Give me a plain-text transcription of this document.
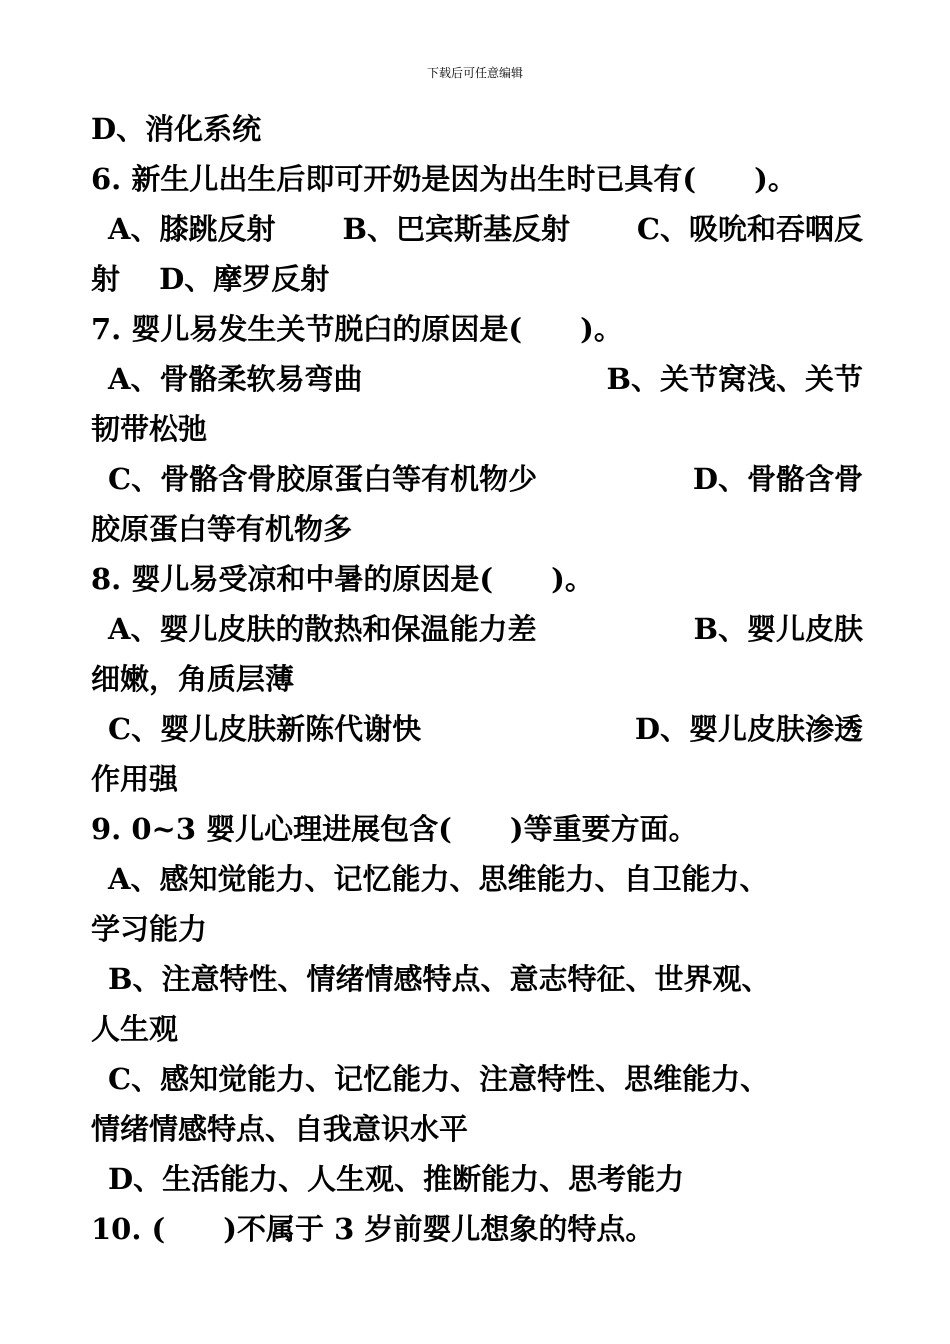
下载后可任意编辑
D、消化系统
6. 新生儿出生后即可开奶是因为出生时已具有(　　)。
A、膝跳反射 B、巴宾斯基反射 C、吸吮和吞咽反
射　 D、摩罗反射
7. 婴儿易发生关节脱臼的原因是(　　)。
A、骨骼柔软易弯曲	B、关节窝浅、关节
韧带松弛
C、骨骼含骨胶原蛋白等有机物少	D、骨骼含骨
胶原蛋白等有机物多
8. 婴儿易受凉和中暑的原因是(　　)。
A、婴儿皮肤的散热和保温能力差	B、婴儿皮肤
细嫩，角质层薄
C、婴儿皮肤新陈代谢快	D、婴儿皮肤渗透
作用强
9. 0~3 婴儿心理进展包含(　　)等重要方面。
A、感知觉能力、记忆能力、思维能力、自卫能力、
学习能力
B、注意特性、情绪情感特点、意志特征、世界观、
人生观
C、感知觉能力、记忆能力、注意特性、思维能力、
情绪情感特点、自我意识水平
D、生活能力、人生观、推断能力、思考能力
10. (　　)不属于 3 岁前婴儿想象的特点。
